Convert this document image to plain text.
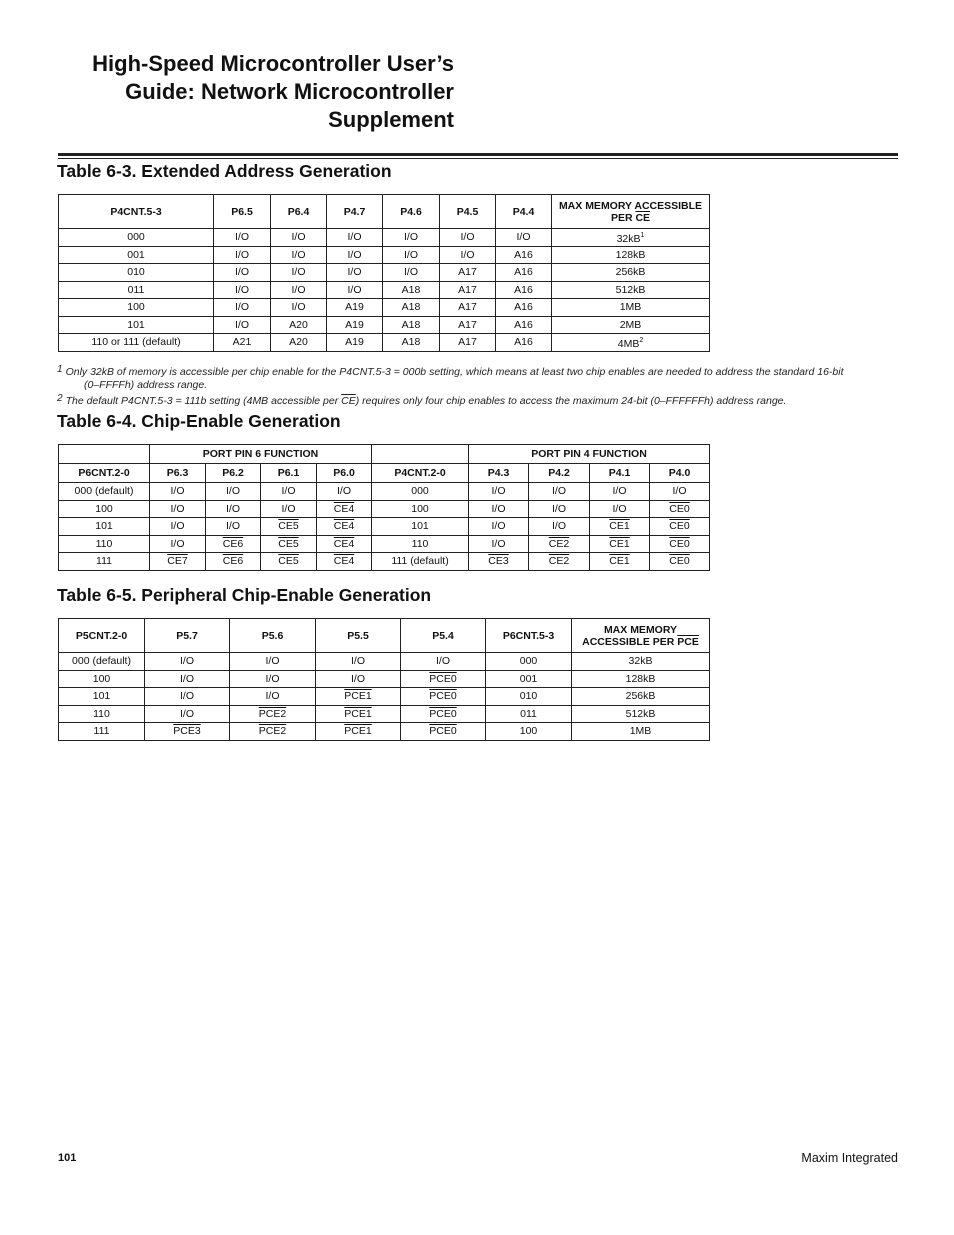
High-Speed Microcontroller User’s
Guide: Network Microcontroller
Supplement
Table 6-3. Extended Address Generation
P4CNT.5-3	P6.5	P6.4	P4.7	P4.6	P4.5	P4.4	MAX MEMORY ACCESSIBLE
PER $\overline{CE}$
000	I/O	I/O	I/O	I/O	I/O	I/O	$32kB^1$
001	I/O	I/O	I/O	I/O	I/O	A16	128kB
010	I/O	I/O	I/O	I/O	A17	A16	256kB
011	I/O	I/O	I/O	A18	A17	A16	512kB
100	I/O	I/O	A19	A18	A17	A16	1MB
101	I/O	A20	A19	A18	A17	A16	2MB
110 or 111 (default)	A21	A20	A19	A18	A17	A16	$4MB^2$
1 Only 32kB of memory is accessible per chip enable for the P4CNT.5-3 = 000b setting, which means at least two chip enables are needed to address the standard 16-bit
(0–FFFFh) address range.
2 The default P4CNT.5-3 = 111b setting (4MB accessible per $\overline{CE}$) requires only four chip enables to access the maximum 24-bit (0–FFFFFFh) address range.
Table 6-4. Chip-Enable Generation
	PORT PIN 6 FUNCTION					PORT PIN 4 FUNCTION			
P6CNT.2-0	P6.3	P6.2	P6.1	P6.0	P4CNT.2-0	P4.3	P4.2	P4.1	P4.0
000 (default)	I/O	I/O	I/O	I/O	000	I/O	I/O	I/O	I/O
100	I/O	I/O	I/O	CE4	100	I/O	I/O	I/O	CE0
101	I/O	I/O	CE5	CE4	101	I/O	I/O	CE1	CE0
110	I/O	CE6	CE5	CE4	110	I/O	CE2	CE1	CE0
111	CE7	CE6	CE5	CE4	111 (default)	CE3	CE2	CE1	CE0
Table 6-5. Peripheral Chip-Enable Generation
P5CNT.2-0	P5.7	P5.6	P5.5	P5.4	P6CNT.5-3	MAX MEMORY
ACCESSIBLE PER $\overline{PCE}$
000 (default)	I/O	I/O	I/O	I/O	000	32kB
100	I/O	I/O	I/O	PCE0	001	128kB
101	I/O	I/O	PCE1	PCE0	010	256kB
110	I/O	PCE2	PCE1	PCE0	011	512kB
111	PCE3	PCE2	PCE1	PCE0	100	1MB
101	Maxim Integrated
